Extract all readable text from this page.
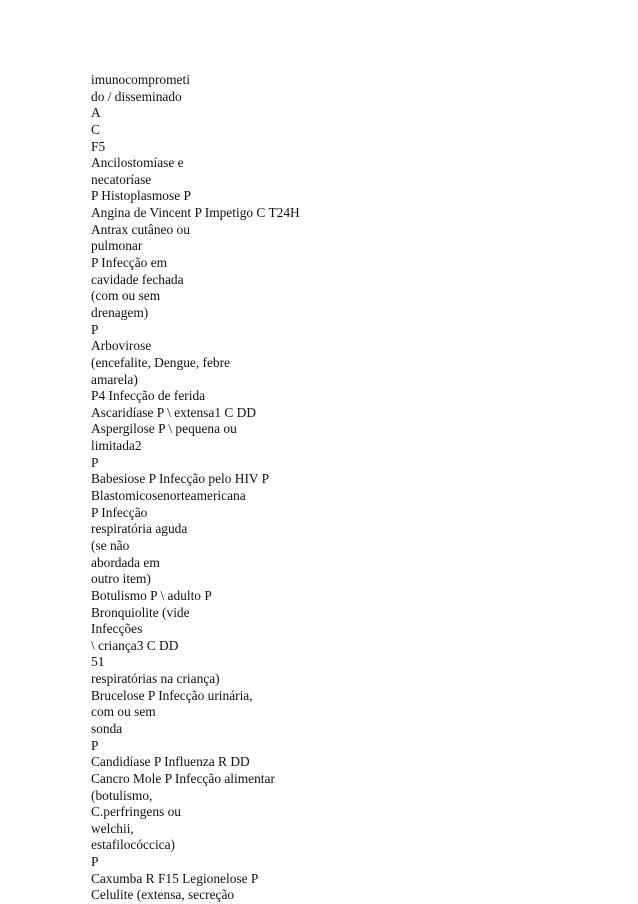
imunocomprometi
do / disseminado
A
C
F5
Ancilostomíase e
necatoríase
P Histoplasmose P
Angina de Vincent P Impetigo C T24H
Antrax cutâneo ou
pulmonar
P Infecção em
cavidade fechada
(com ou sem
drenagem)
P
Arbovirose
(encefalite, Dengue, febre
amarela)
P4 Infecção de ferida
Ascaridíase P \ extensa1 C DD
Aspergilose P \ pequena ou
limitada2
P
Babesiose P Infecção pelo HIV P
Blastomicosenorteamericana
P Infecção
respiratória aguda
(se não
abordada em
outro item)
Botulismo P \ adulto P
Bronquiolite (vide
Infecções
\ criança3 C DD
51
respiratórias na criança)
Brucelose P Infecção urinária,
com ou sem
sonda
P
Candidíase P Influenza R DD
Cancro Mole P Infecção alimentar
(botulismo,
C.perfringens ou
welchii,
estafilocóccica)
P
Caxumba R F15 Legionelose P
Celulite (extensa, secreção
